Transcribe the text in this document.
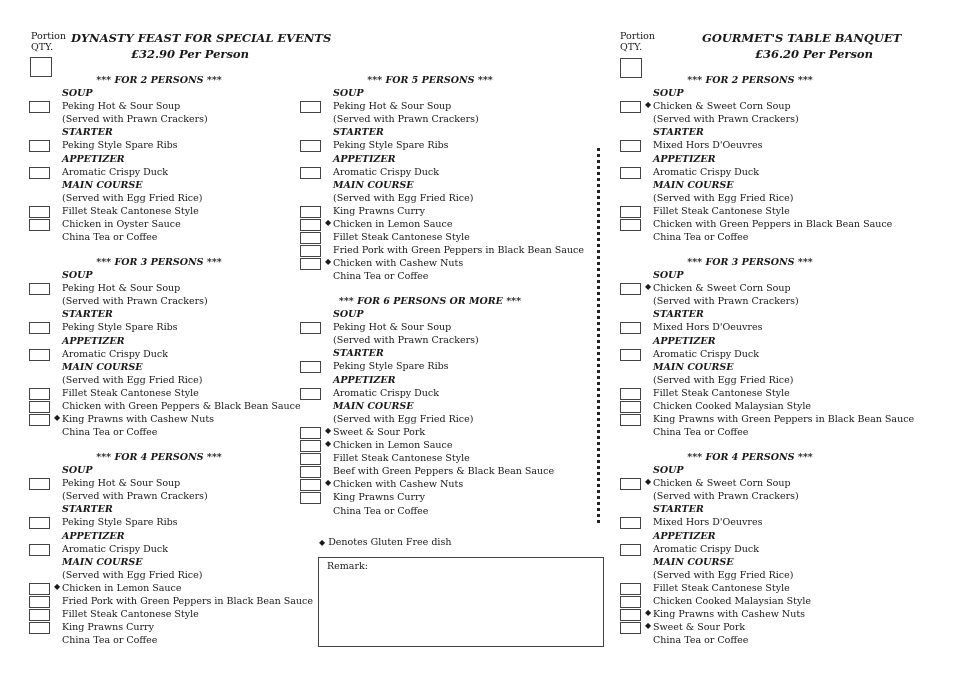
Portion
QTY.
DYNASTY FEAST FOR SPECIAL EVENTS
£32.90 Per Person
Portion
QTY.
GOURMET'S TABLE BANQUET
£36.20 Per Person
*** FOR 2 PERSONS ***
SOUP
Peking Hot & Sour Soup
(Served with Prawn Crackers)
STARTER
Peking Style Spare Ribs
APPETIZER
Aromatic Crispy Duck
MAIN COURSE
(Served with Egg Fried Rice)
Fillet Steak Cantonese Style
Chicken in Oyster Sauce
China Tea or Coffee
*** FOR 3 PERSONS ***
SOUP
Peking Hot & Sour Soup
(Served with Prawn Crackers)
STARTER
Peking Style Spare Ribs
APPETIZER
Aromatic Crispy Duck
MAIN COURSE
(Served with Egg Fried Rice)
Fillet Steak Cantonese Style
Chicken with Green Peppers & Black Bean Sauce
◆ King Prawns with Cashew Nuts
China Tea or Coffee
*** FOR 4 PERSONS ***
SOUP
Peking Hot & Sour Soup
(Served with Prawn Crackers)
STARTER
Peking Style Spare Ribs
APPETIZER
Aromatic Crispy Duck
MAIN COURSE
(Served with Egg Fried Rice)
◆ Chicken in Lemon Sauce
Fried Pork with Green Peppers in Black Bean Sauce
Fillet Steak Cantonese Style
King Prawns Curry
China Tea or Coffee
*** FOR 5 PERSONS ***
SOUP
Peking Hot & Sour Soup
(Served with Prawn Crackers)
STARTER
Peking Style Spare Ribs
APPETIZER
Aromatic Crispy Duck
MAIN COURSE
(Served with Egg Fried Rice)
King Prawns Curry
◆ Chicken in Lemon Sauce
Fillet Steak Cantonese Style
Fried Pork with Green Peppers in Black Bean Sauce
◆ Chicken with Cashew Nuts
China Tea or Coffee
*** FOR 6 PERSONS OR MORE ***
SOUP
Peking Hot & Sour Soup
(Served with Prawn Crackers)
STARTER
Peking Style Spare Ribs
APPETIZER
Aromatic Crispy Duck
MAIN COURSE
(Served with Egg Fried Rice)
◆ Sweet & Sour Pork
◆ Chicken in Lemon Sauce
Fillet Steak Cantonese Style
Beef with Green Peppers & Black Bean Sauce
◆ Chicken with Cashew Nuts
King Prawns Curry
China Tea or Coffee
*** FOR 2 PERSONS ***
SOUP
◆ Chicken & Sweet Corn Soup
(Served with Prawn Crackers)
STARTER
Mixed Hors D'Oeuvres
APPETIZER
Aromatic Crispy Duck
MAIN COURSE
(Served with Egg Fried Rice)
Fillet Steak Cantonese Style
Chicken with Green Peppers in Black Bean Sauce
China Tea or Coffee
*** FOR 3 PERSONS ***
SOUP
◆ Chicken & Sweet Corn Soup
(Served with Prawn Crackers)
STARTER
Mixed Hors D'Oeuvres
APPETIZER
Aromatic Crispy Duck
MAIN COURSE
(Served with Egg Fried Rice)
Fillet Steak Cantonese Style
Chicken Cooked Malaysian Style
King Prawns with Green Peppers in Black Bean Sauce
China Tea or Coffee
*** FOR 4 PERSONS ***
SOUP
◆ Chicken & Sweet Corn Soup
(Served with Prawn Crackers)
STARTER
Mixed Hors D'Oeuvres
APPETIZER
Aromatic Crispy Duck
MAIN COURSE
(Served with Egg Fried Rice)
Fillet Steak Cantonese Style
Chicken Cooked Malaysian Style
◆ King Prawns with Cashew Nuts
◆ Sweet & Sour Pork
China Tea or Coffee
◆ Denotes Gluten Free dish
Remark:
